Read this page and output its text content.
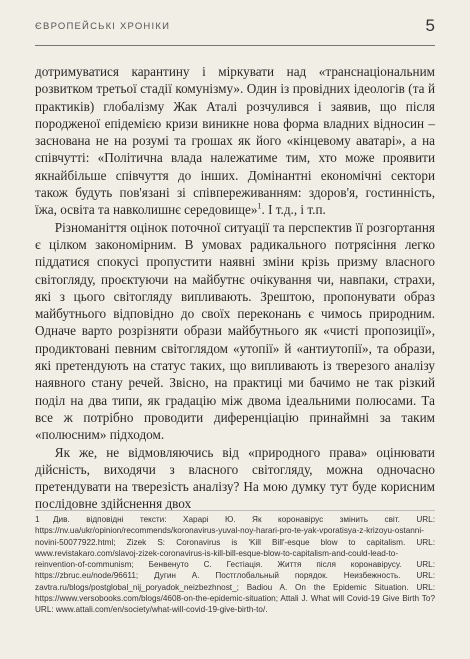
ЄВРОПЕЙСЬКІ ХРОНІКИ	5

дотримуватися карантину і міркувати над «транснаціональним розвитком третьої стадії комунізму». Один із провідних ідеологів (та й практиків) глобалізму Жак Аталі розчулився і заявив, що після породженої епідемією кризи виникне нова форма владних відносин – заснована не на розумі та грошах як його «кінцевому аватарі», а на співчутті: «Політична влада належатиме тим, хто може проявити якнайбільше співчуття до інших. Домінантні економічні сектори також будуть пов'язані зі співпереживанням: здоров'я, гостинність, їжа, освіта та навколишнє середовище»$^1$. І т.д., і т.п.

Різноманіття оцінок поточної ситуації та перспектив її розгортання є цілком закономірним. В умовах радикального потрясіння легко піддатися спокусі пропустити наявні зміни крізь призму власного світогляду, проєктуючи на майбутнє очікування чи, навпаки, страхи, які з цього світогляду випливають. Зрештою, пропонувати образ майбутнього відповідно до своїх переконань є чимось природним. Одначе варто розрізняти образи майбутнього як «чисті пропозиції», продиктовані певним світоглядом «утопії» й «антиутопії», та образи, які претендують на статус таких, що випливають із тверезого аналізу наявного стану речей. Звісно, на практиці ми бачимо не так різкий поділ на два типи, як градацію між двома ідеальними полюсами. Та все ж потрібно проводити диференціацію принаймні за таким «полюсним» підходом.

Як же, не відмовляючись від «природного права» оцінювати дійсність, виходячи з власного світогляду, можна одночасно претендувати на тверезість аналізу? На мою думку тут буде корисним послідовне здійснення двох

1 Див. відповідні тексти: Харарі Ю. Як коронавірус змінить світ. URL: https://nv.ua/ukr/opinion/recommends/koronavirus-yuval-noy-harari-pro-te-yak-vporatisya-z-krizoyu-ostanni-novini-50077922.html; Zizek S: Coronavirus is 'Kill Bill'-esque blow to capitalism. URL: www.revistakaro.com/slavoj-zizek-coronavirus-is-kill-bill-esque-blow-to-capitalism-and-could-lead-to-reinvention-of-communism; Бенвенуто С. Гестіація. Життя після коронавірусу. URL: https://zbruc.eu/node/96611; Дугин А. Постглобальный порядок. Неизбежность. URL: zavtra.ru/blogs/postglobal_nij_poryadok_neizbezhnost_; Badiou A. On the Epidemic Situation. URL: https://www.versobooks.com/blogs/4608-on-the-epidemic-situation; Attali J. What will Covid-19 Give Birth To? URL: www.attali.com/en/society/what-will-covid-19-give-birth-to/.
